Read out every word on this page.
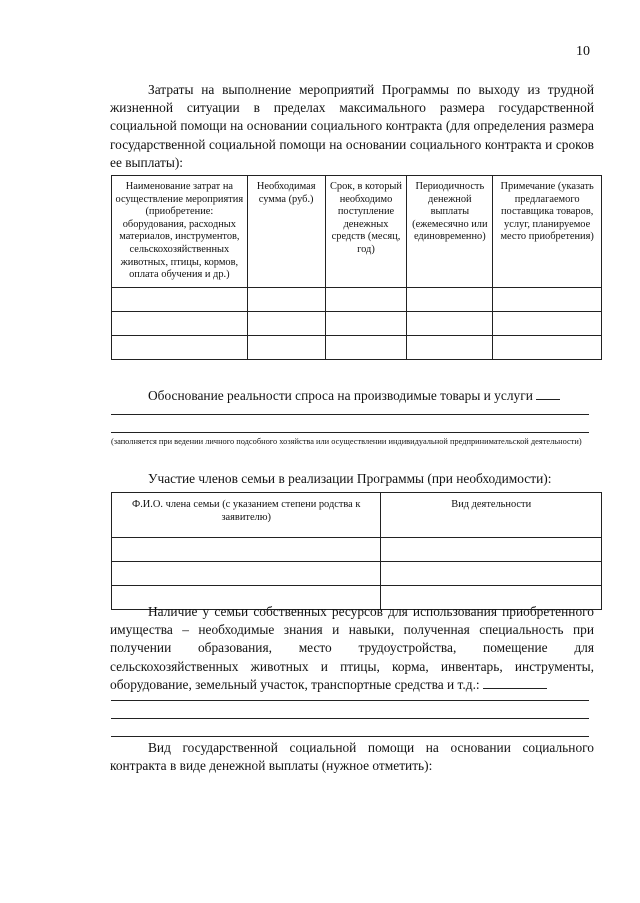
10
Затраты на выполнение мероприятий Программы по выходу из трудной жизненной ситуации в пределах максимального размера государственной социальной помощи на основании социального контракта (для определения размера государственной социальной помощи на основании социального контракта и сроков ее выплаты):
Наименование затрат на осуществление мероприятия (приобретение: оборудования, расходных материалов, инструментов, сельскохозяйственных животных, птицы, кормов, оплата обучения и др.)	Необходимая сумма (руб.)	Срок, в который необходимо поступление денежных средств (месяц, год)	Периодичность денежной выплаты (ежемесячно или единовременно)	Примечание (указать предлагаемого поставщика товаров, услуг, планируемое место приобретения)

Обоснование реальности спроса на производимые товары и услуги
(заполняется при ведении личного подсобного хозяйства или осуществлении индивидуальной предпринимательской деятельности)
Участие членов семьи в реализации Программы (при необходимости):
Ф.И.О. члена семьи (с указанием степени родства к заявителю)	Вид деятельности

Наличие у семьи собственных ресурсов для использования приобретенного имущества – необходимые знания и навыки, полученная специальность при получении образования, место трудоустройства, помещение для сельскохозяйственных животных и птицы, корма, инвентарь, инструменты, оборудование, земельный участок, транспортные средства и т.д.:
Вид государственной социальной помощи на основании социального контракта в виде денежной выплаты (нужное отметить):
